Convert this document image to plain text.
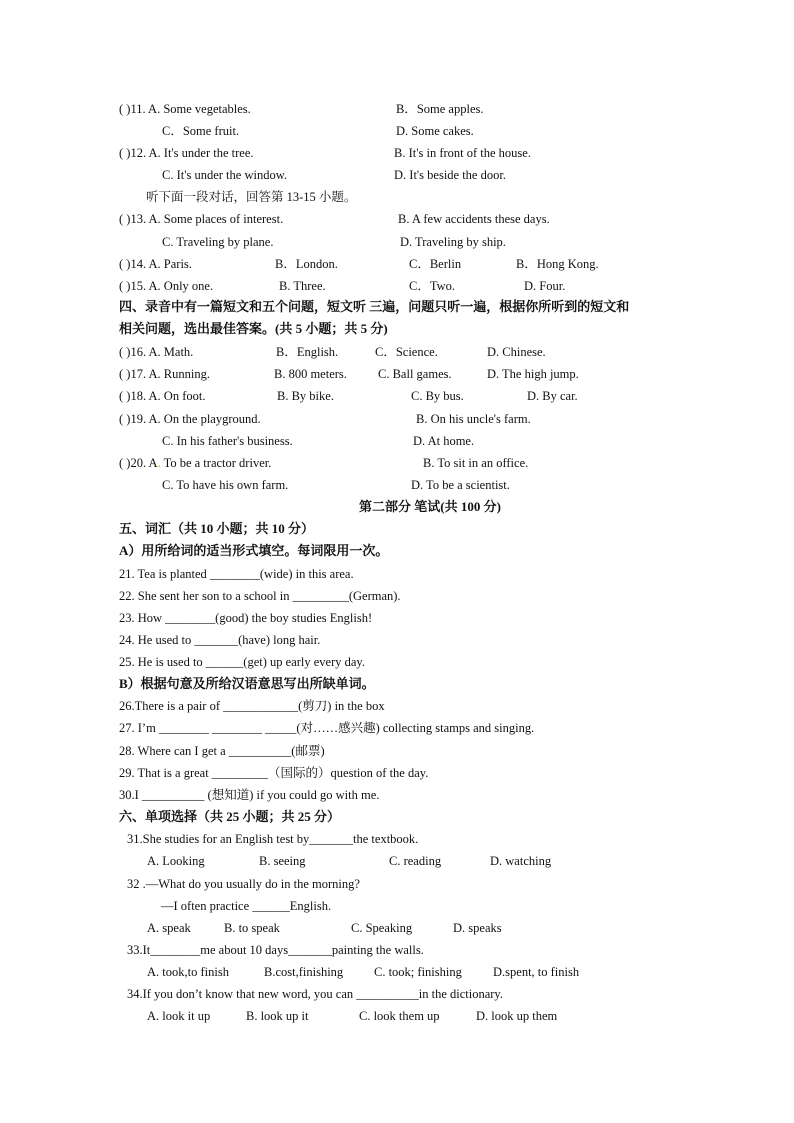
( )11. A. Some vegetables.	B．Some apples.
C．Some fruit.	D. Some cakes.
( )12. A. It's under the tree.	B. It's in front of the house.
C. It's under the window.	D. It's beside the door.
听下面一段对话，回答第 13-15 小题。
( )13. A. Some places of interest.	B. A few accidents these days.
C. Traveling by plane.	D. Traveling by ship.
( )14. A. Paris.	B．London.	C．Berlin	B．Hong Kong.
( )15. A. Only one.	B. Three.	C．Two.	D. Four.
四、录音中有一篇短文和五个问题，短文听 三遍，问题只听一遍，根据你所听到的短文和
相关问题，选出最佳答案。(共 5 小题；共 5 分)
( )16. A. Math.	B．English.	C．Science.	D. Chinese.
( )17. A. Running.	B. 800 meters. C. Ball games.	D. The high jump.
( )18. A. On foot.	B. By bike.	C. By bus.	D. By car.
( )19. A. On the playground.	B. On his uncle's farm.
C. In his father's business.	D. At home.
( )20. A. To be a tractor driver.	B. To sit in an office.
C. To have his own farm.	D. To be a scientist.
第二部分 笔试(共 100 分)
五、词汇（共 10 小题；共 10 分）
A）用所给词的适当形式填空。每词限用一次。
21. Tea is planted ________(wide) in this area.
22. She sent her son to a school in _________(German).
23. How ________(good) the boy studies English!
24. He used to _______(have) long hair.
25. He is used to ______(get) up early every day.
B）根据句意及所给汉语意思写出所缺单词。
26.There is a pair of ____________(剪刀) in the box
27. I’m ________ ________ _____(对……感兴趣) collecting stamps and singing.
28. Where can I get a __________(邮票)
29. That is a great _________（国际的）question of the day.
30.I __________ (想知道) if you could go with me.
六、单项选择（共 25 小题；共 25 分）
31.She studies for an English test by_______the textbook.
A. Looking	B. seeing	C. reading	D. watching
32 .—What do you usually do in the morning?
—I often practice ______English.
A. speak	B. to speak	C. Speaking	D. speaks
33.It________me about 10 days_______painting the walls.
A. took,to finish	B.cost,finishing C. took; finishing D.spent, to finish
34.If you don’t know that new word, you can __________in the dictionary.
A. look it up	B. look up it	C. look them up	D. look up them
